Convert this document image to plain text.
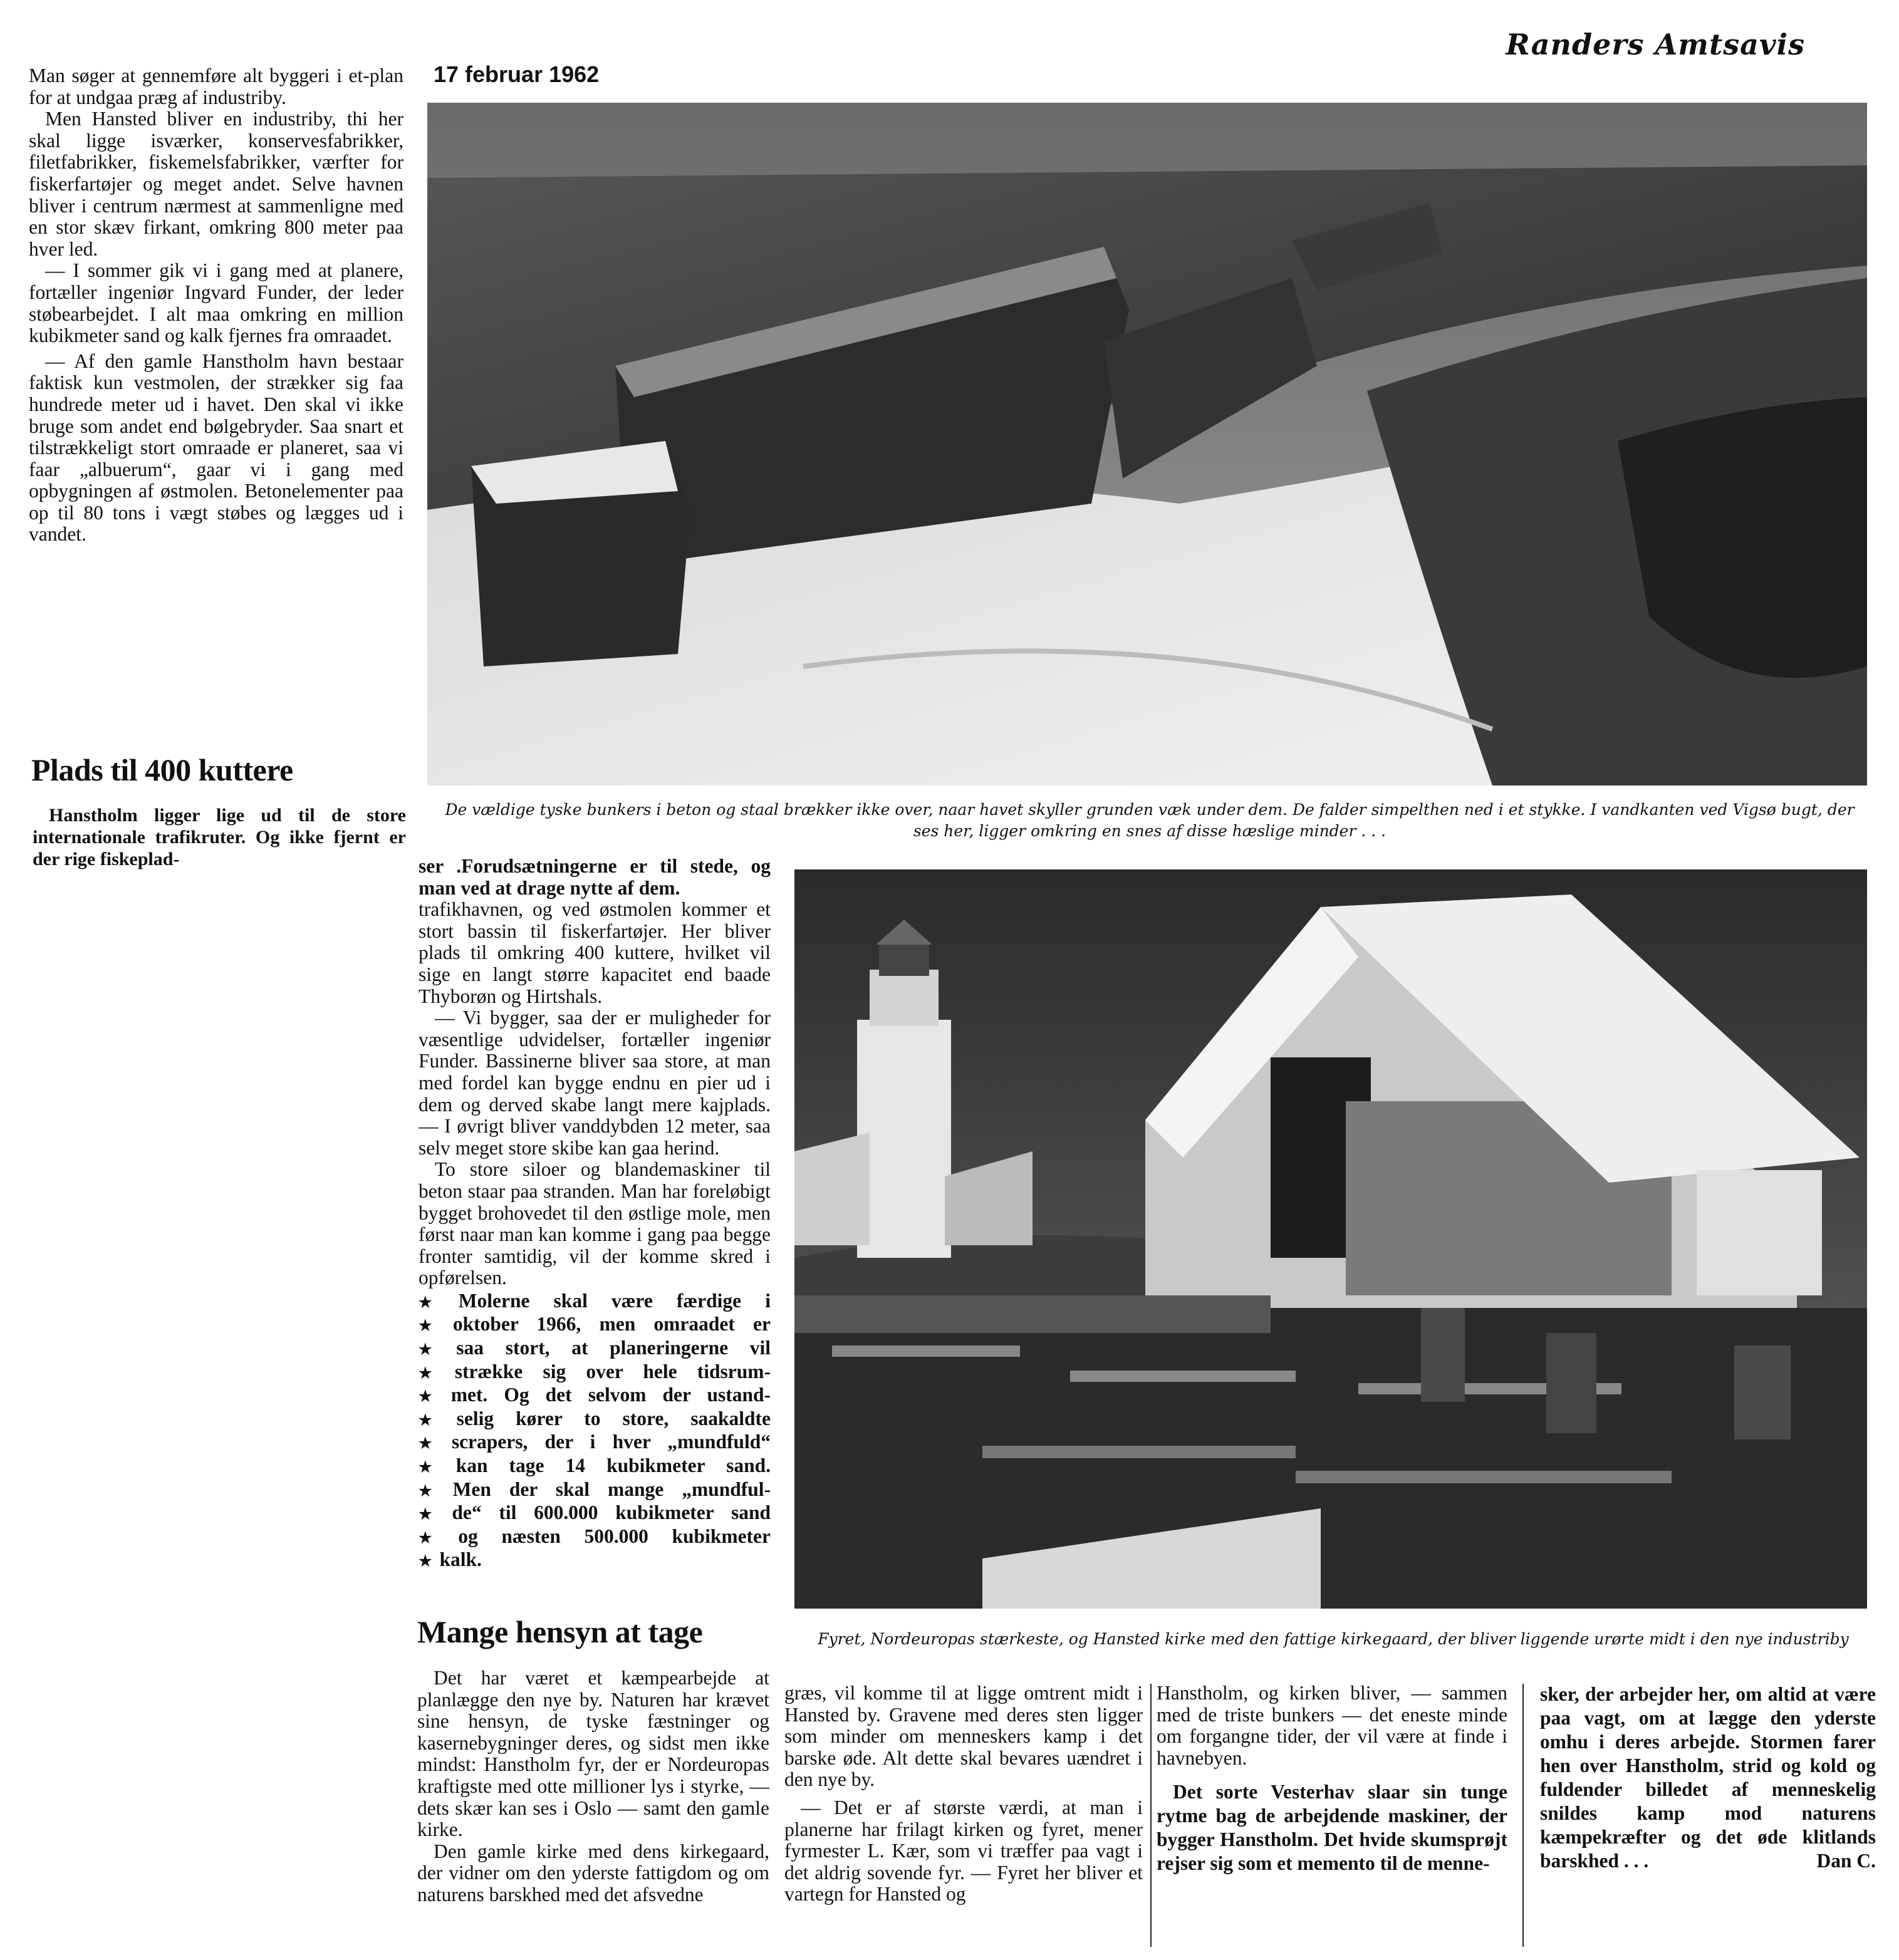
Randers Amtsavis
17 februar 1962

Man søger at gennemføre alt byggeri i et-plan for at undgaa præg af industriby.

Men Hansted bliver en industriby, thi her skal ligge isværker, konservesfabrikker, filetfabrikker, fiskemelsfabrikker, værfter for fiskerfartøjer og meget andet. Selve havnen bliver i centrum nærmest at sammenligne med en stor skæv firkant, omkring 800 meter paa hver led.

— I sommer gik vi i gang med at planere, fortæller ingeniør Ingvard Funder, der leder støbearbejdet. I alt maa omkring en million kubikmeter sand og kalk fjernes fra omraadet.

— Af den gamle Hanstholm havn bestaar faktisk kun vestmolen, der strækker sig faa hundrede meter ud i havet. Den skal vi ikke bruge som andet end bølgebryder. Saa snart et tilstrækkeligt stort omraade er planeret, saa vi faar „albuerum“, gaar vi i gang med opbygningen af østmolen. Betonelementer paa op til 80 tons i vægt støbes og lægges ud i vandet.

Plads til 400 kuttere

Hanstholm ligger lige ud til de store internationale trafikruter. Og ikke fjernt er der rige fiskeplad-

De vældige tyske bunkers i beton og staal brækker ikke over, naar havet skyller grunden væk under dem. De falder simpelthen ned i et stykke. I vandkanten ved Vigsø bugt, der ses her, ligger omkring en snes af disse hæslige minder . . .

ser .Forudsætningerne er til stede, og man ved at drage nytte af dem.

trafikhavnen, og ved østmolen kommer et stort bassin til fiskerfartøjer. Her bliver plads til omkring 400 kuttere, hvilket vil sige en langt større kapacitet end baade Thyborøn og Hirtshals.

— Vi bygger, saa der er muligheder for væsentlige udvidelser, fortæller ingeniør Funder. Bassinerne bliver saa store, at man med fordel kan bygge endnu en pier ud i dem og derved skabe langt mere kajplads. — I øvrigt bliver vanddybden 12 meter, saa selv meget store skibe kan gaa herind.

To store siloer og blandemaskiner til beton staar paa stranden. Man har foreløbigt bygget brohovedet til den østlige mole, men først naar man kan komme i gang paa begge fronter samtidig, vil der komme skred i opførelsen.

★ Molerne skal være færdige i
★ oktober 1966, men omraadet er
★ saa stort, at planeringerne vil
★ strække sig over hele tidsrum-
★ met. Og det selvom der ustand-
★ selig kører to store, saakaldte
★ scrapers, der i hver „mundfuld“
★ kan tage 14 kubikmeter sand.
★ Men der skal mange „mundful-
★ de“ til 600.000 kubikmeter sand
★ og næsten 500.000 kubikmeter
★ kalk.
Fyret, Nordeuropas stærkeste, og Hansted kirke med den fattige kirkegaard, der bliver liggende urørte midt i den nye industriby
Mange hensyn at tage

Det har været et kæmpearbejde at planlægge den nye by. Naturen har krævet sine hensyn, de tyske fæstninger og kasernebygninger deres, og sidst men ikke mindst: Hanstholm fyr, der er Nordeuropas kraftigste med otte millioner lys i styrke, — dets skær kan ses i Oslo — samt den gamle kirke.

Den gamle kirke med dens kirkegaard, der vidner om den yderste fattigdom og om naturens barskhed med det afsvedne

græs, vil komme til at ligge omtrent midt i Hansted by. Gravene med deres sten ligger som minder om menneskers kamp i det barske øde. Alt dette skal bevares uændret i den nye by.

— Det er af største værdi, at man i planerne har frilagt kirken og fyret, mener fyrmester L. Kær, som vi træffer paa vagt i det aldrig sovende fyr. — Fyret her bliver et vartegn for Hansted og

Hanstholm, og kirken bliver, — sammen med de triste bunkers — det eneste minde om forgangne tider, der vil være at finde i havnebyen.

Det sorte Vesterhav slaar sin tunge rytme bag de arbejdende maskiner, der bygger Hanstholm. Det hvide skumsprøjt rejser sig som et memento til de menne-

sker, der arbejder her, om altid at være paa vagt, om at lægge den yderste omhu i deres arbejde. Stormen farer hen over Hanstholm, strid og kold og fuldender billedet af menneskelig snildes kamp mod naturens kæmpekræfter og det øde klitlands barskhed . . .	Dan C.
